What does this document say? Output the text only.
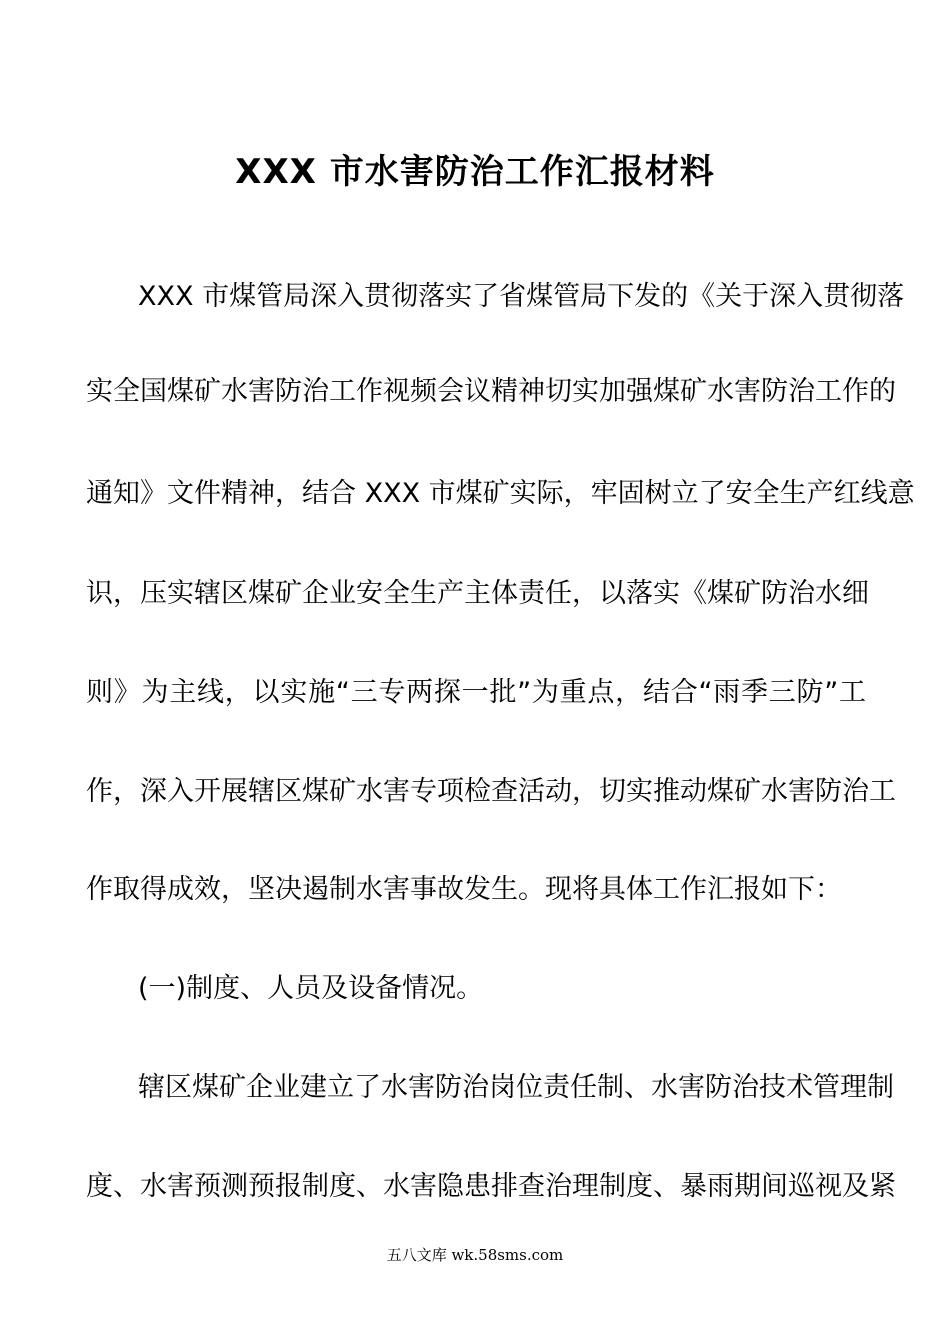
XXX 市水害防治工作汇报材料
XXX 市煤管局深入贯彻落实了省煤管局下发的《关于深入贯彻落
实全国煤矿水害防治工作视频会议精神切实加强煤矿水害防治工作的
通知》文件精神，结合 XXX 市煤矿实际，牢固树立了安全生产红线意
识，压实辖区煤矿企业安全生产主体责任，以落实《煤矿防治水细
则》为主线，以实施“三专两探一批”为重点，结合“雨季三防”工
作，深入开展辖区煤矿水害专项检查活动，切实推动煤矿水害防治工
作取得成效，坚决遏制水害事故发生。现将具体工作汇报如下：
(一)制度、人员及设备情况。
辖区煤矿企业建立了水害防治岗位责任制、水害防治技术管理制
度、水害预测预报制度、水害隐患排查治理制度、暴雨期间巡视及紧
五八文库 wk.58sms.com
